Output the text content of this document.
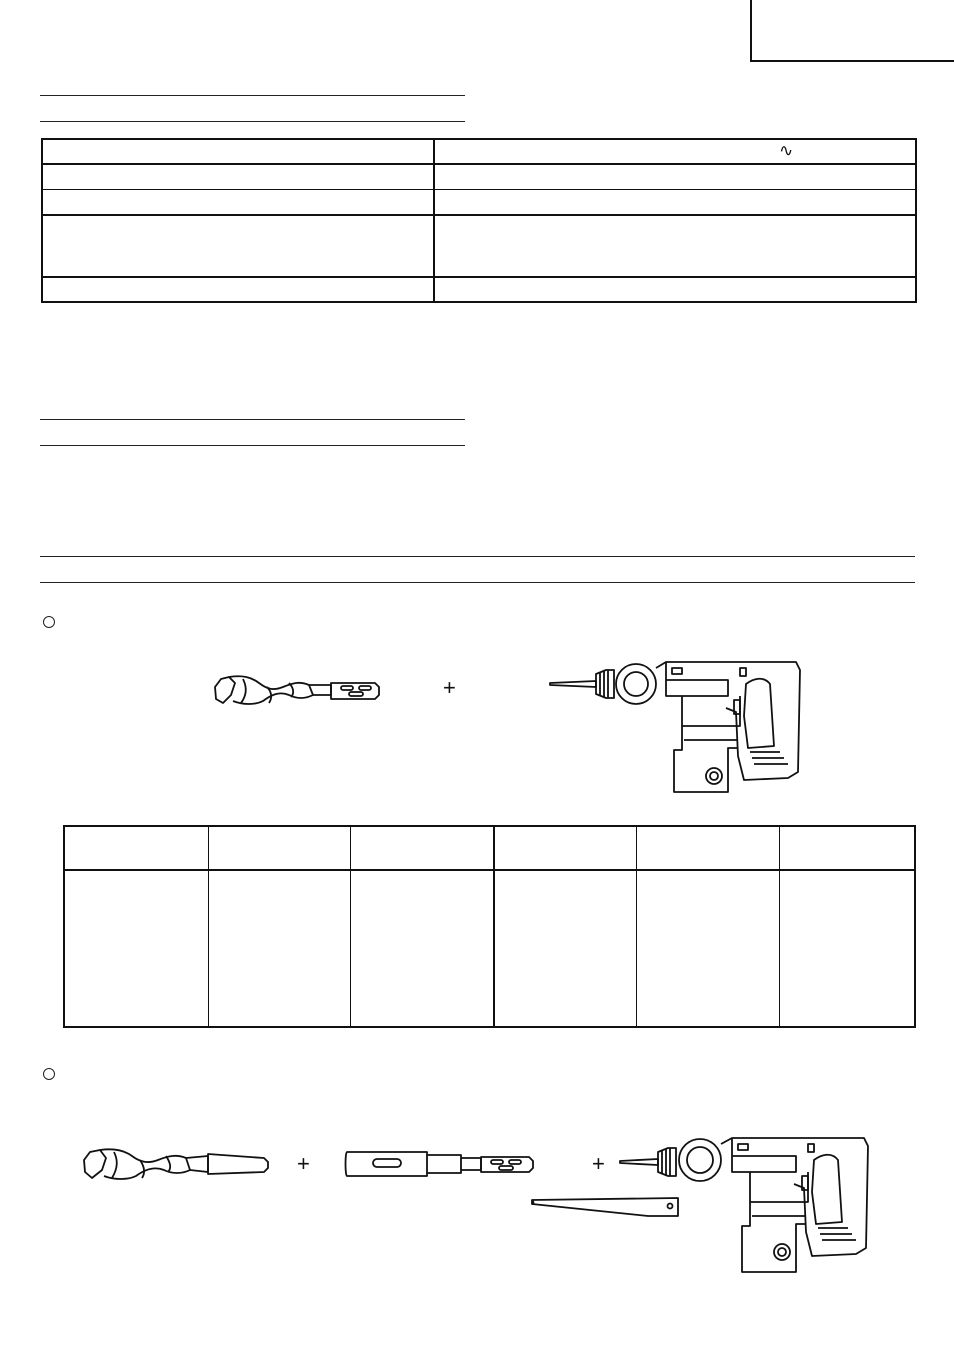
	∿

+

+	+
